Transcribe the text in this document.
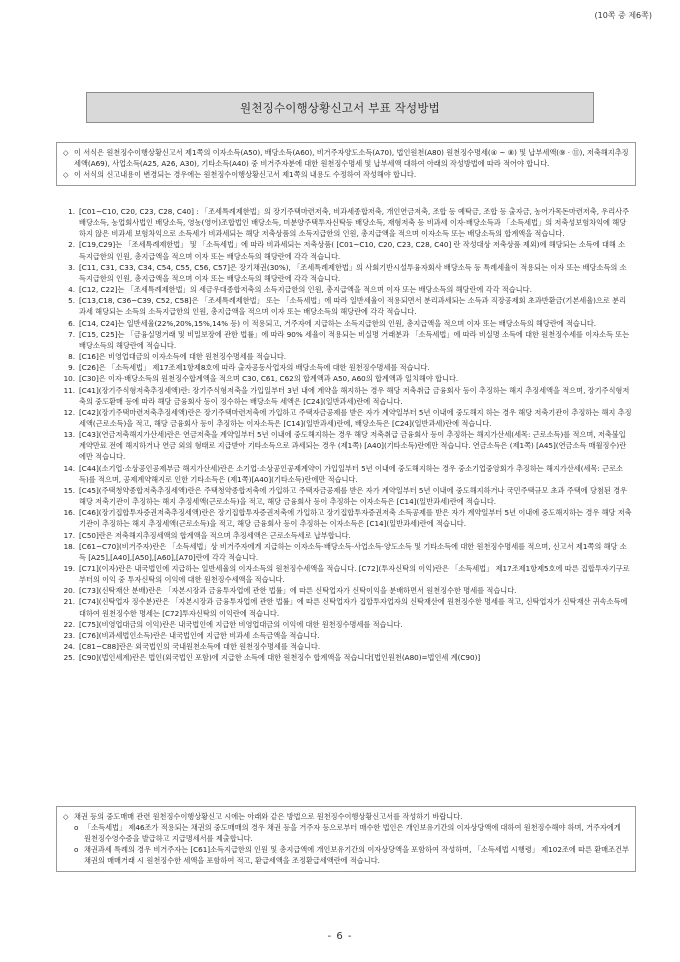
(10쪽 중 제6쪽)
원천징수이행상황신고서 부표 작성방법
◇ 이 서식은 원천징수이행상황신고서 제1쪽의 이자소득(A50), 배당소득(A60), 비거주자양도소득(A70), 법인원천(A80) 원천징수명세(④ ~ ⑧) 및 납부세액(⑨ · ⑪), 저축해지추징세액(A69), 사업소득(A25, A26, A30), 기타소득(A40) 중 비거주자분에 대한 원천징수명세 및 납부세액 대하여 아래의 작성방법에 따라 적어야 합니다.
◇ 이 서식의 신고내용이 변경되는 경우에는 원천징수이행상황신고서 제1쪽의 내용도 수정하여 작성해야 합니다.
1. [C01~C10, C20, C23, C28, C40] : 「조세특례제한법」의 장기주택마련저축, 비과세종합저축, 개인연금저축, 조합 등 예탁금, 조합 등 출자금, 농어가목돈마련저축, 우리사주 배당소득, 농업회사법인 배당소득, 영농(영어)조합법인 배당소득, 미분양주택투자신탁등 배당소득, 재형저축 등 비과세 이자·배당소득과 「소득세법」의 저축성보험차익에 해당하지 않은 비과세 보험차익으로 소득세가 비과세되는 해당 저축상품의 소득지급한의 인원, 총지급액을 적으며 이자소득 또는 배당소득의 합계액을 적습니다.
2. [C19,C29]는 「조세특례제한법」 및 「소득세법」에 따라 비과세되는 저축상품( [C01~C10, C20, C23, C28, C40] 란 작성대상 저축상품 제외)에 해당되는 소득에 대해 소득지급한의 인원, 총지급액을 적으며 이자 또는 배당소득의 해당란에 각각 적습니다.
3. [C11, C31, C33, C34, C54, C55, C56, C57]은 장기채권(30%), 「조세특례제한법」의 사회기반시설투융자회사 배당소득 등 특례세율이 적용되는 이자 또는 배당소득의 소득지급한의 인원, 총지급액을 적으며 이자 또는 배당소득의 해당란에 각각 적습니다.
4. [C12, C22]는 「조세특례제한법」의 세금우대종합저축의 소득지급한의 인원, 총지급액을 적으며 이자 또는 배당소득의 해당란에 각각 적습니다.
5. [C13,C18, C36~C39, C52, C58]은 「조세특례제한법」 또는 「소득세법」에 따라 일반세율이 적용되면서 분리과세되는 소득과 직장공제회 초과반환금(기본세율)으로 분리과세 해당되는 소득의 소득지급한의 인원, 총지급액을 적으며 이자 또는 배당소득의 해당란에 각각 적습니다.
6. [C14, C24]는 일반세율(22%,20%,15%,14% 등) 이 적용되고, 거주자에 지급하는 소득지급한의 인원, 총지급액을 적으며 이자 또는 배당소득의 해당란에 적습니다.
7. [C15, C25]는 「금융실명거래 및 비밀보장에 관한 법률」에 따라 90% 세율이 적용되는 비실명 거래분과 「소득세법」에 따라 비실명 소득에 대한 원천징수세를 이자소득 또는 배당소득의 해당란에 적습니다.
8. [C16]은 비영업대금의 이자소득에 대한 원천징수명세를 적습니다.
9. [C26]은 「소득세법」 제17조제1항제8호에 따라 출자공동사업자의 배당소득에 대한 원천징수명세를 적습니다.
10. [C30]은 이자·배당소득의 원천징수합계액을 적으며 C30, C61, C62의 합계액과 A50, A60의 합계액과 일치해야 합니다.
11. [C41](장기주식형저축추징세액)란: 장기주식형저축을 가입일부터 3년 내에 계약을 해지하는 경우 해당 저축취급 금융회사 등이 추징하는 해지 추징세액을 적으며, 장기주식형저축의 중도환매 등에 따라 해당 금융회사 등이 징수하는 배당소득 세액은 [C24](일반과세)란에 적습니다.
12. [C42](장기주택마련저축추징세액)란은 장기주택마련저축에 가입하고 주택자금공제를 받은 자가 계약일부터 5년 이내에 중도해지 하는 경우 해당 저축기관이 추징하는 해지 추징세액(근로소득)을 적고, 해당 금융회사 등이 추징하는 이자소득은 [C14](일반과세)란에, 배당소득은 [C24](일반과세)란에 적습니다.
13. [C43](연금저축해지가산세)란은 연금저축을 계약일부터 5년 이내에 중도해지하는 경우 해당 저축취급 금융회사 등이 추징하는 해지가산세(세목: 근로소득)를 적으며, 저축불입계약만료 전에 해지하거나 연금 외의 형태로 지급받아 기타소득으로 과세되는 경우 (제1쪽) [A40](기타소득)란에만 적습니다. 연금소득은 (제1쪽) [A45](연금소득 매월징수)란에만 적습니다.
14. [C44](소기업·소상공인공제부금 해지가산세)란은 소기업·소상공인공제계약이 가입일부터 5년 이내에 중도해지하는 경우 중소기업중앙회가 추징하는 해지가산세(세목: 근로소득)를 적으며, 공제계약해지로 인한 기타소득은 (제1쪽)[A40](기타소득)란에만 적습니다.
15. [C45](주택청약종합저축추징세액)란은 주택청약종합저축에 가입하고 주택자금공제를 받은 자가 계약일부터 5년 이내에 중도해지하거나 국민주택규모 초과 주택에 당첨된 경우 해당 저축기관이 추징하는 해지 추징세액(근로소득)을 적고, 해당 금융회사 등이 추징하는 이자소득은 [C14](일반과세)란에 적습니다.
16. [C46](장기집합투자증권저축추징세액)란은 장기집합투자증권저축에 가입하고 장기집합투자증권저축 소득공제를 받은 자가 계약일부터 5년 이내에 중도해지하는 경우 해당 저축기관이 추징하는 해지 추징세액(근로소득)을 적고, 해당 금융회사 등이 추징하는 이자소득은 [C14](일반과세)란에 적습니다.
17. [C50]란은 저축해지추징세액의 합계액을 적으며 추징세액은 근로소득세로 납부합니다.
18. [C61~C70](비거주자)란은 「소득세법」상 비거주자에게 지급하는 이자소득·배당소득·사업소득·양도소득 및 기타소득에 대한 원천징수명세를 적으며, 신고서 제1쪽의 해당 소득 [A25],[A40],[A50],[A60],[A70]란에 각각 적습니다.
19. [C71](이자)란은 내국법인에 지급하는 일반세율의 이자소득의 원천징수세액을 적습니다. [C72](투자신탁의 이익)란은 「소득세법」 제17조제1항제5호에 따른 집합투자기구로부터의 이익 중 투자신탁의 이익에 대한 원천징수세액을 적습니다.
20. [C73](신탁재산 분배)란은 「자본시장과 금융투자업에 관한 법률」에 따른 신탁업자가 신탁이익을 분배하면서 원천징수한 명세를 적습니다.
21. [C74](신탁업자 징수분)란은 「자본시장과 금융투자업에 관한 법률」에 따른 신탁업자가 집합투자업자의 신탁재산에 원천징수한 명세를 적고, 신탁업자가 신탁재산 귀속소득에 대하여 원천징수한 명세는 [C72]투자신탁의 이익란에 적습니다.
22. [C75](비영업대금의 이익)란은 내국법인에 지급한 비영업대금의 이익에 대한 원천징수명세를 적습니다.
23. [C76](비과세법인소득)란은 내국법인에 지급한 비과세 소득금액을 적습니다.
24. [C81~C88]란은 외국법인의 국내원천소득에 대한 원천징수명세를 적습니다.
25. [C90](법인세계)란은 법인(외국법인 포함)에 지급한 소득에 대한 원천징수 합계액을 적습니다[법인원천(A80)=법인세 계(C90)]
◇ 채권 등의 중도매매 관련 원천징수이행상황신고 시에는 아래와 같은 방법으로 원천징수이행상황신고서를 작성하기 바랍니다.
o 「소득세법」 제46조가 적용되는 채권의 중도매매의 경우 채권 등을 거주자 등으로부터 매수한 법인은 개인보유기간의 이자상당액에 대하여 원천징수해야 하며, 거주자에게 원천징수영수증을 발급하고 지급명세서를 제출합니다.
o 채권과세 특례의 경우 비거주자는 [C61]소득지급한의 인원 및 총지급액에 개인보유기간의 이자상당액을 포함하여 작성하며, 「소득세법 시행령」 제102조에 따른 환매조건부채권의 매매거래 시 원천징수한 세액을 포함하여 적고, 환급세액을 조정환급세액란에 적습니다.
- 6 -
